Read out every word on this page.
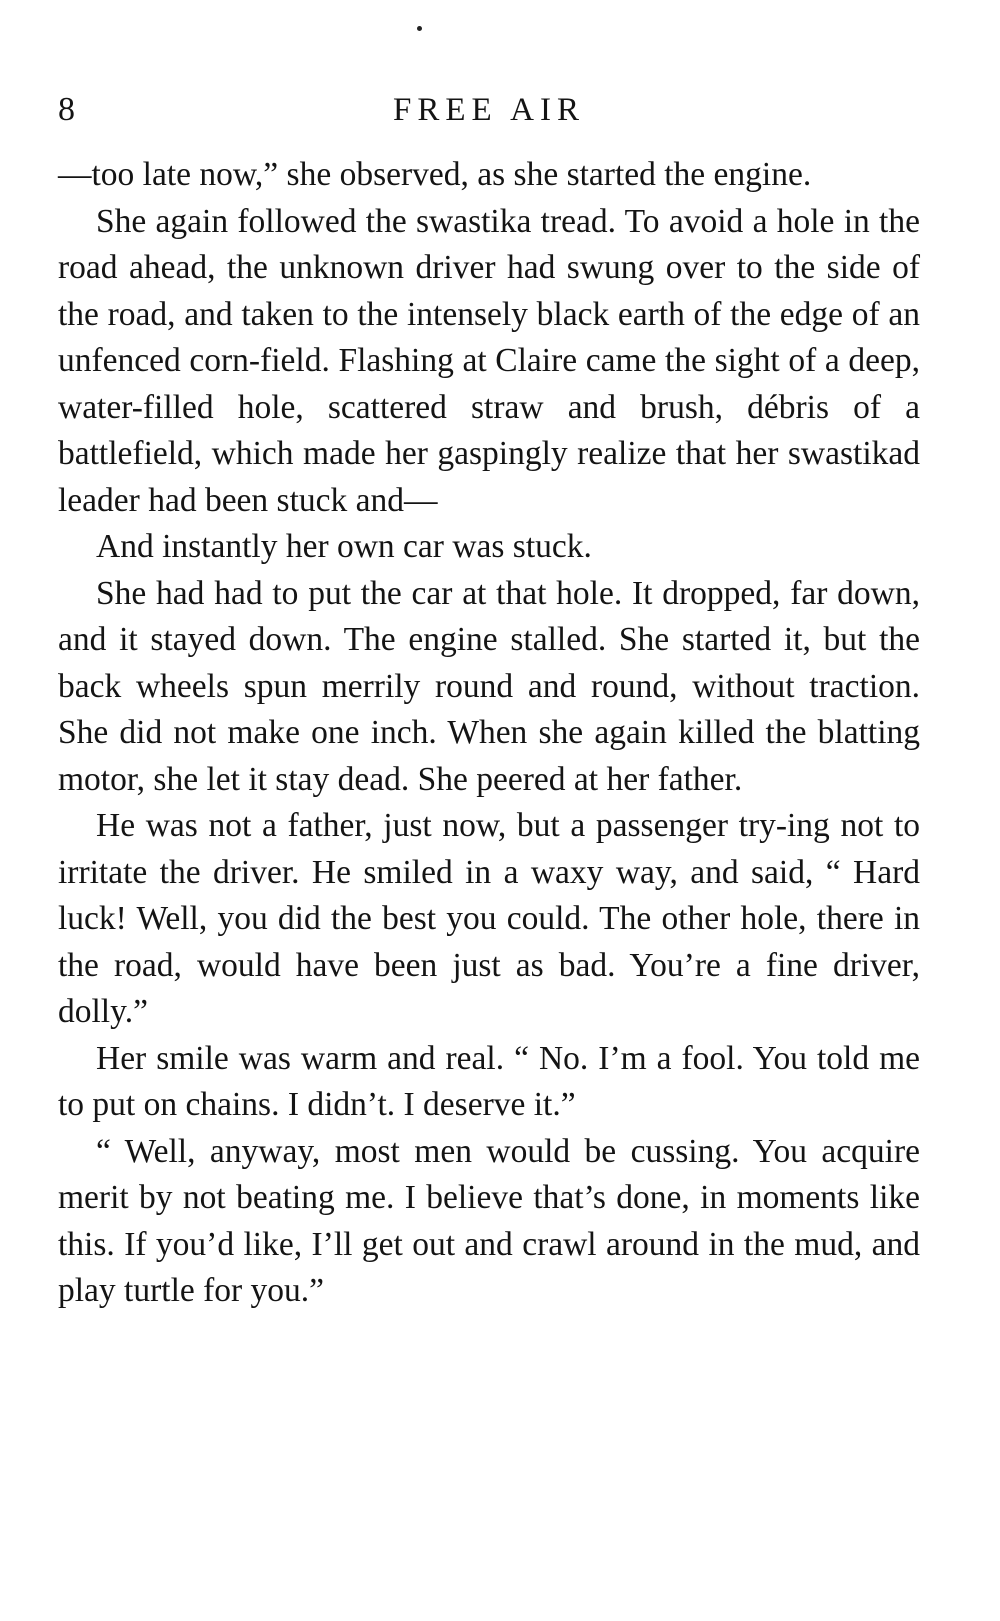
8	FREE AIR

—too late now,” she observed, as she started the engine.

She again followed the swastika tread. To avoid a hole in the road ahead, the unknown driver had swung over to the side of the road, and taken to the intensely black earth of the edge of an unfenced corn-field. Flashing at Claire came the sight of a deep, water-filled hole, scattered straw and brush, débris of a battlefield, which made her gaspingly realize that her swastikad leader had been stuck and—

And instantly her own car was stuck.

She had had to put the car at that hole. It dropped, far down, and it stayed down. The engine stalled. She started it, but the back wheels spun merrily round and round, without traction. She did not make one inch. When she again killed the blatting motor, she let it stay dead. She peered at her father.

He was not a father, just now, but a passenger try-ing not to irritate the driver. He smiled in a waxy way, and said, “ Hard luck! Well, you did the best you could. The other hole, there in the road, would have been just as bad. You’re a fine driver, dolly.”

Her smile was warm and real. “ No. I’m a fool. You told me to put on chains. I didn’t. I deserve it.”

“ Well, anyway, most men would be cussing. You acquire merit by not beating me. I believe that’s done, in moments like this. If you’d like, I’ll get out and crawl around in the mud, and play turtle for you.”
